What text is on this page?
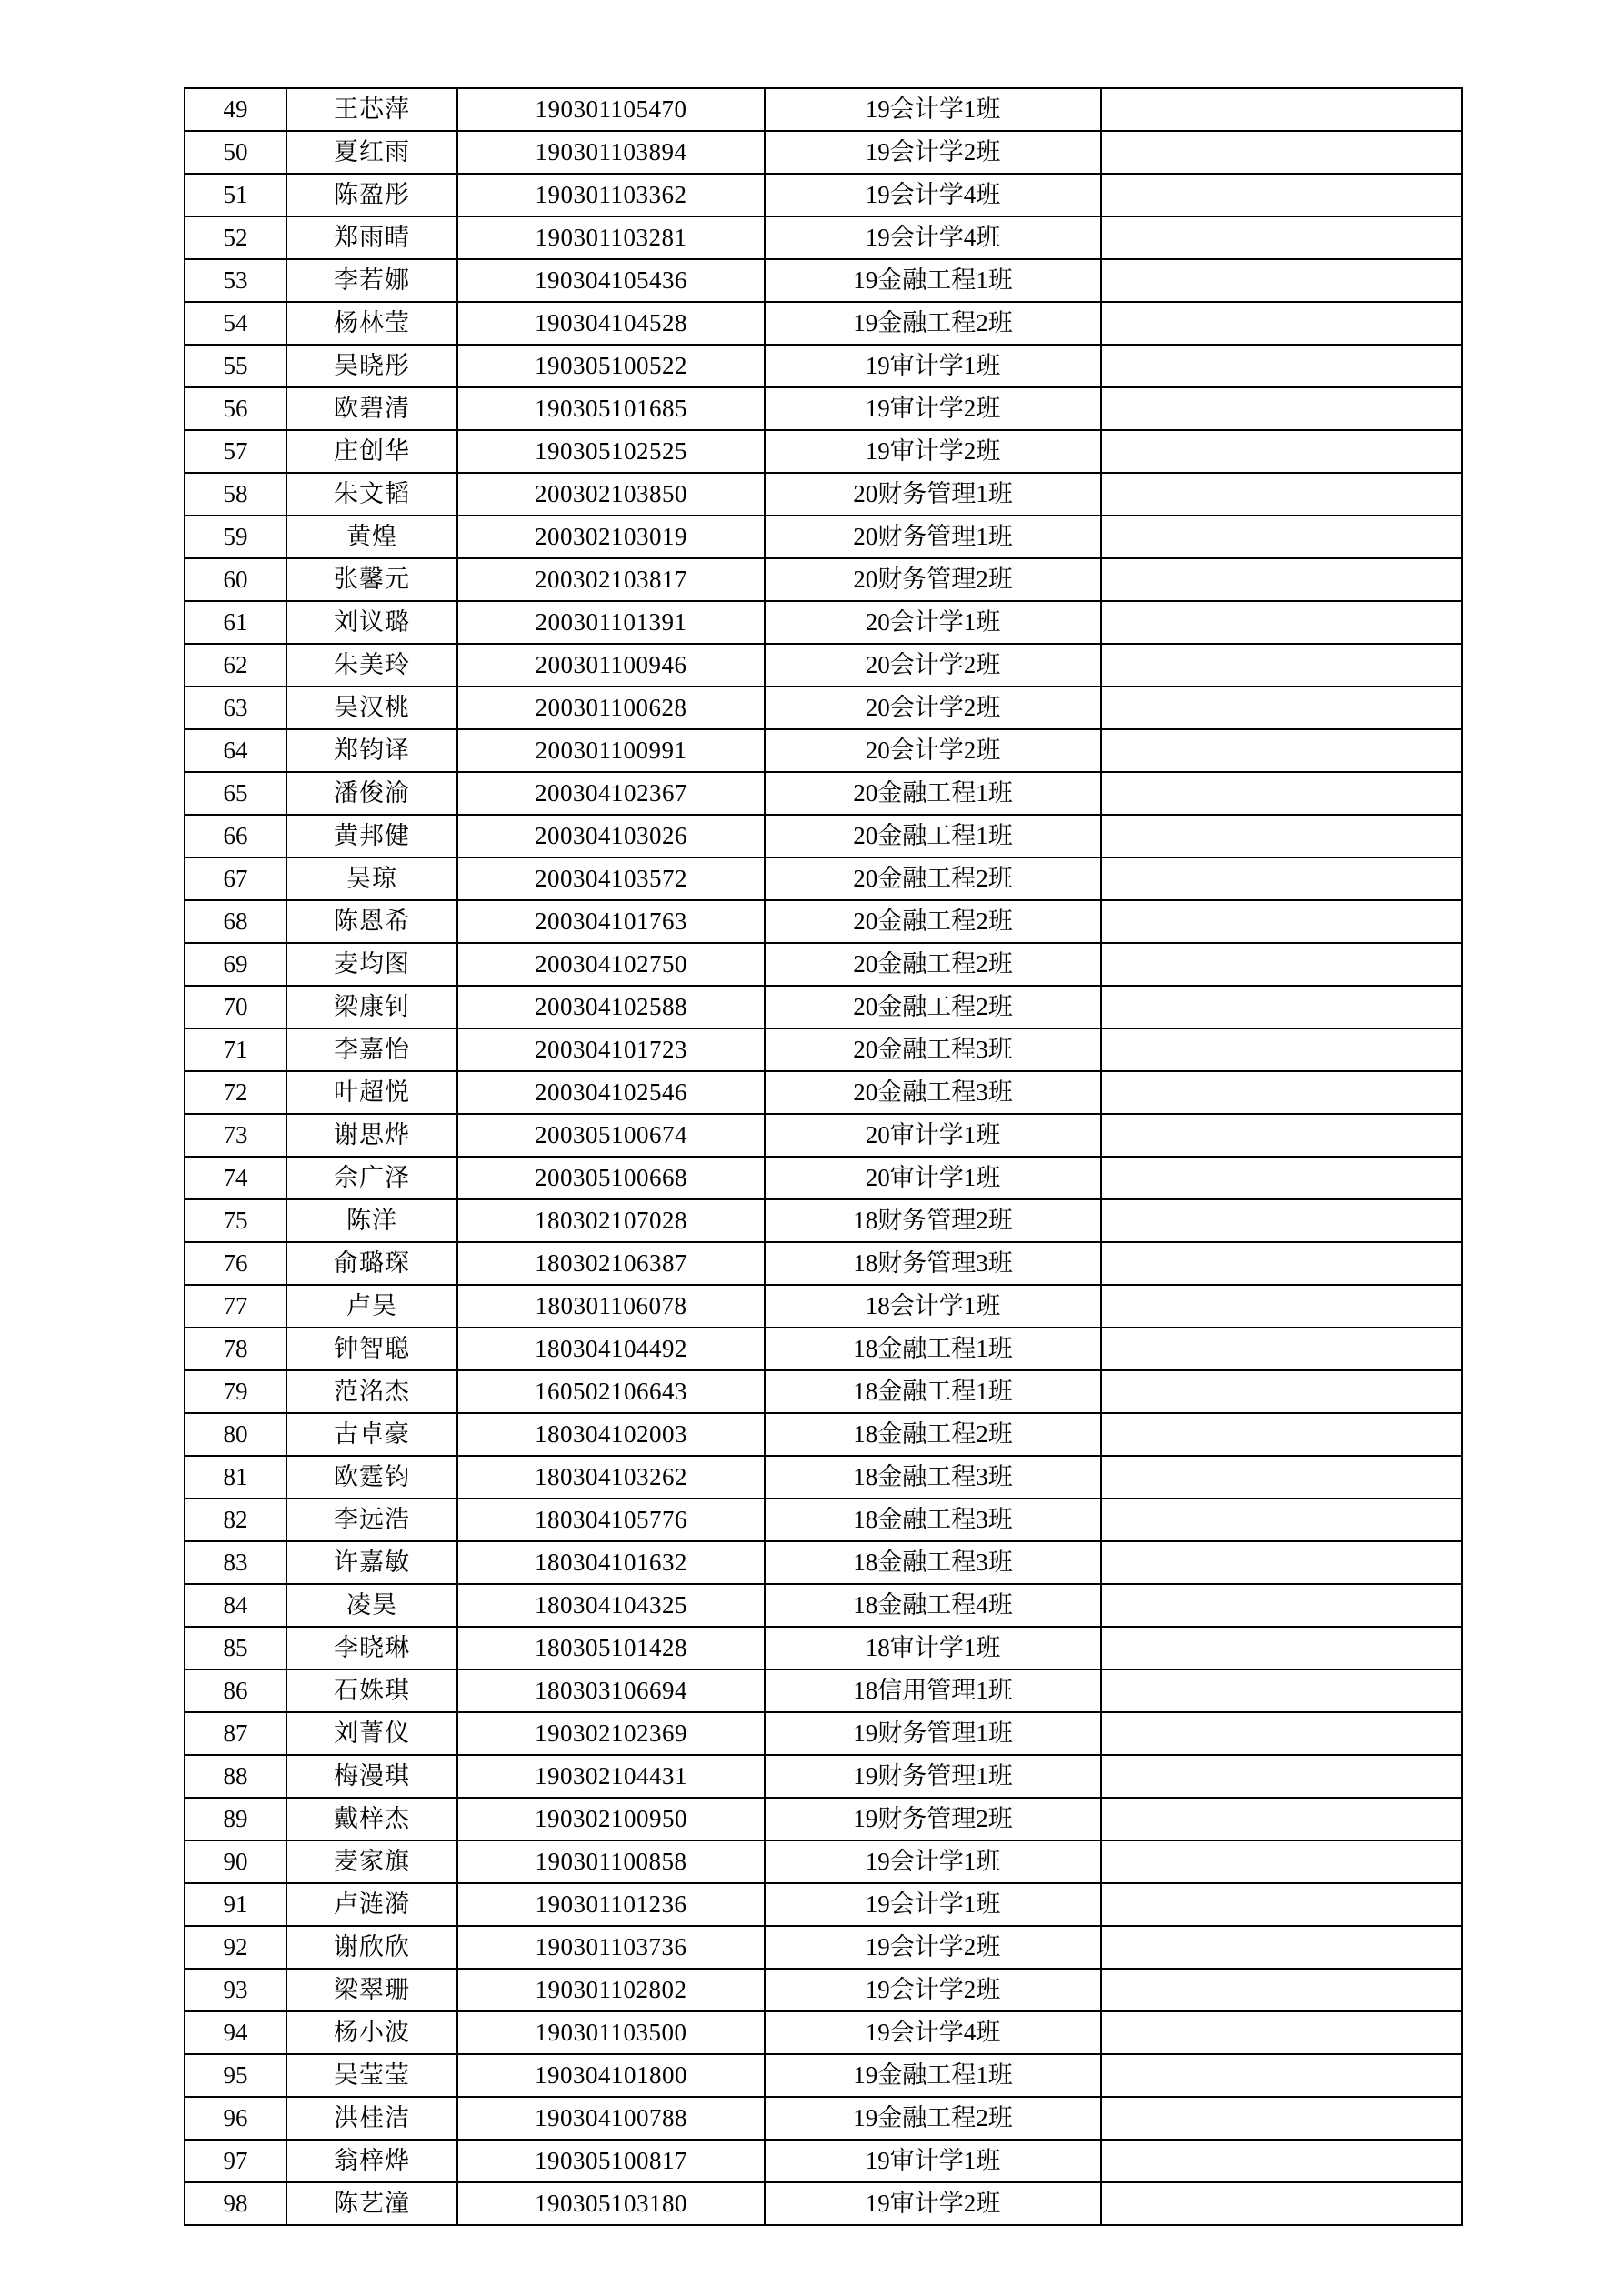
49	王芯萍	190301105470	19会计学1班	
50	夏红雨	190301103894	19会计学2班	
51	陈盈彤	190301103362	19会计学4班	
52	郑雨晴	190301103281	19会计学4班	
53	李若娜	190304105436	19金融工程1班	
54	杨林莹	190304104528	19金融工程2班	
55	吴晓彤	190305100522	19审计学1班	
56	欧碧清	190305101685	19审计学2班	
57	庄创华	190305102525	19审计学2班	
58	朱文韬	200302103850	20财务管理1班	
59	黄煌	200302103019	20财务管理1班	
60	张馨元	200302103817	20财务管理2班	
61	刘议璐	200301101391	20会计学1班	
62	朱美玲	200301100946	20会计学2班	
63	吴汉桃	200301100628	20会计学2班	
64	郑钧译	200301100991	20会计学2班	
65	潘俊渝	200304102367	20金融工程1班	
66	黄邦健	200304103026	20金融工程1班	
67	吴琼	200304103572	20金融工程2班	
68	陈恩希	200304101763	20金融工程2班	
69	麦均图	200304102750	20金融工程2班	
70	梁康钊	200304102588	20金融工程2班	
71	李嘉怡	200304101723	20金融工程3班	
72	叶超悦	200304102546	20金融工程3班	
73	谢思烨	200305100674	20审计学1班	
74	佘广泽	200305100668	20审计学1班	
75	陈洋	180302107028	18财务管理2班	
76	俞璐琛	180302106387	18财务管理3班	
77	卢昊	180301106078	18会计学1班	
78	钟智聪	180304104492	18金融工程1班	
79	范洺杰	160502106643	18金融工程1班	
80	古卓豪	180304102003	18金融工程2班	
81	欧霆钧	180304103262	18金融工程3班	
82	李远浩	180304105776	18金融工程3班	
83	许嘉敏	180304101632	18金融工程3班	
84	凌昊	180304104325	18金融工程4班	
85	李晓琳	180305101428	18审计学1班	
86	石姝琪	180303106694	18信用管理1班	
87	刘菁仪	190302102369	19财务管理1班	
88	梅漫琪	190302104431	19财务管理1班	
89	戴梓杰	190302100950	19财务管理2班	
90	麦家旗	190301100858	19会计学1班	
91	卢涟漪	190301101236	19会计学1班	
92	谢欣欣	190301103736	19会计学2班	
93	梁翠珊	190301102802	19会计学2班	
94	杨小波	190301103500	19会计学4班	
95	吴莹莹	190304101800	19金融工程1班	
96	洪桂洁	190304100788	19金融工程2班	
97	翁梓烨	190305100817	19审计学1班	
98	陈艺潼	190305103180	19审计学2班	
